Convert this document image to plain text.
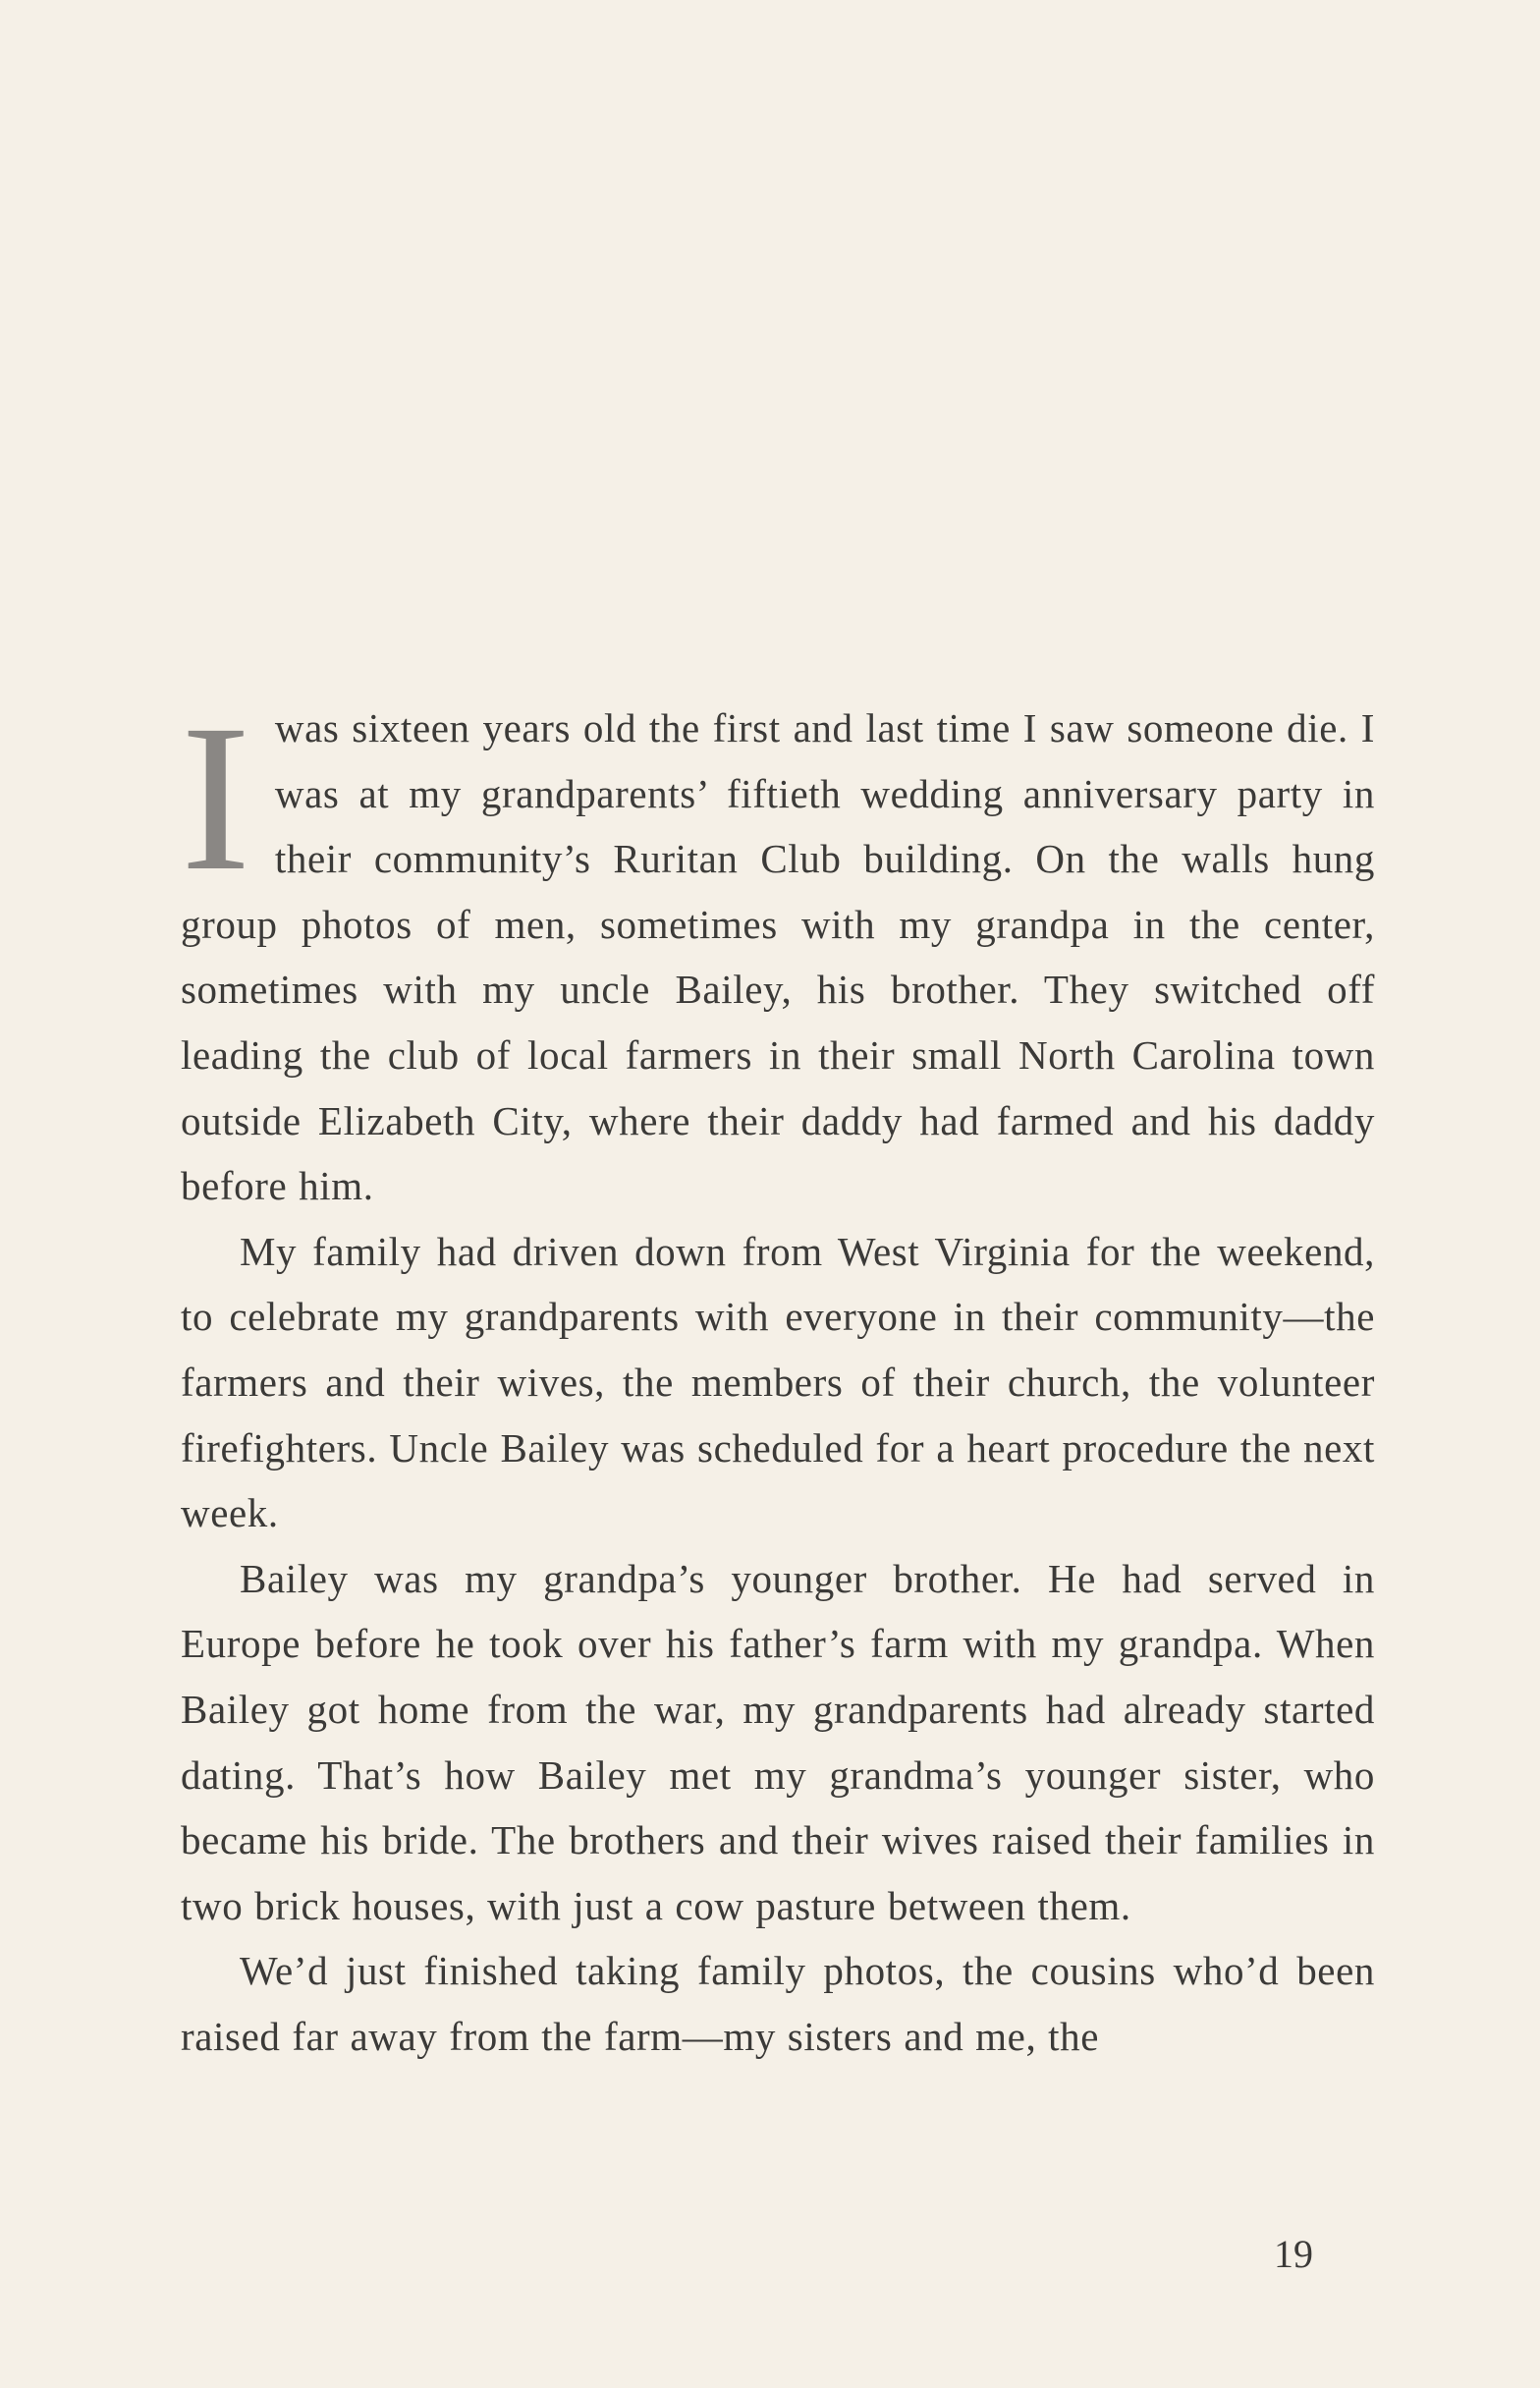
Iwas sixteen years old the first and last time I saw someone die. I was at my grandparents’ fiftieth wedding anniversary party in their community’s Ruritan Club building. On the walls hung group photos of men, sometimes with my grandpa in the center, sometimes with my uncle Bailey, his brother. They switched off leading the club of local farmers in their small North Carolina town outside Elizabeth City, where their daddy had farmed and his daddy before him.

My family had driven down from West Virginia for the weekend, to celebrate my grandparents with everyone in their community—the farmers and their wives, the members of their church, the volunteer firefighters. Uncle Bailey was scheduled for a heart procedure the next week.

Bailey was my grandpa’s younger brother. He had served in Europe before he took over his father’s farm with my grandpa. When Bailey got home from the war, my grandparents had already started dating. That’s how Bailey met my grandma’s younger sister, who became his bride. The brothers and their wives raised their families in two brick houses, with just a cow pasture between them.

We’d just finished taking family photos, the cousins who’d been raised far away from the farm—my sisters and me, the

19
